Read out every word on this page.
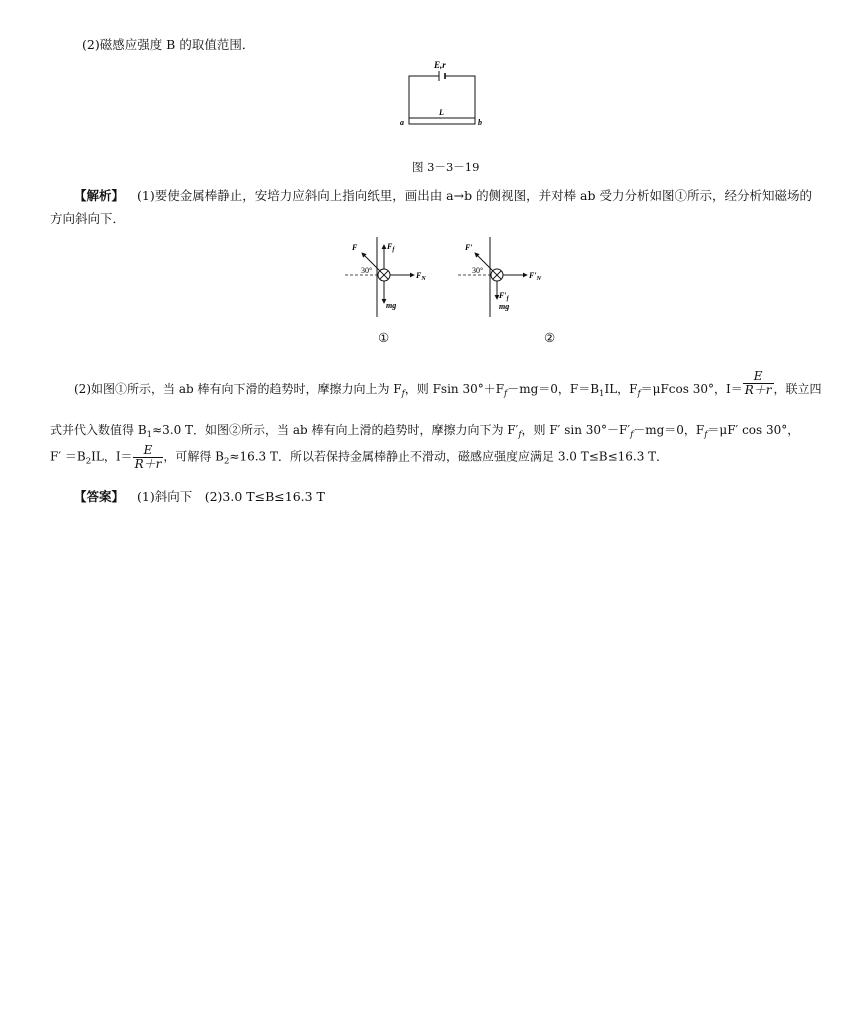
(2)磁感应强度 B 的取值范围．
E,r
L
a	b
图 3－3－19
【解析】 (1)要使金属棒静止，安培力应斜向上指向纸里，画出由 a→b 的侧视图，并对棒 ab 受力分析如图①所示，经分析知磁场的
方向斜向下．
F	$F_f$
30°
$F_N$
mg
①
F′
30°
$F'_N$
$F'_f$
mg
②
(2)如图①所示，当 ab 棒有向下滑的趋势时，摩擦力向上为 $F_f$，则 Fsin $30^\circ+F_f-mg=0$，$F=B_1IL$，$F_f=\mu Fcos$ 30°，$I= \frac{E}{R+r}$ ，联立四
式并代入数值得 $B_1\approx 3.0$ T．如图②所示，当 ab 棒有向上滑的趋势时，摩擦力向下为 $F'_f$，则 F′ $\sin 30^\circ-F'_f-mg=0$，$F_f=\mu F'$ cos 30°，
$F' =B_2IL$，$I= \frac{E}{R+r}$ ，可解得 $B_2\approx 16.3$ T．所以若保持金属棒静止不滑动，磁感应强度应满足 3.0 T≤B≤16.3 T．
【答案】 (1)斜向下　(2)3.0 T≤B≤16.3 T
